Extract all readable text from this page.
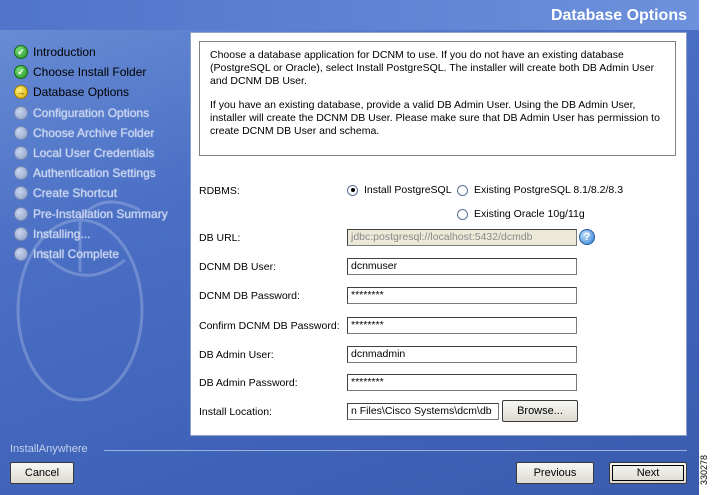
Database Options
✓ Introduction
✓ Choose Install Folder
→ Database Options
Configuration Options
Choose Archive Folder
Local User Credentials
Authentication Settings
Create Shortcut
Pre-Installation Summary
Installing...
Install Complete

Choose a database application for DCNM to use. If you do not have an existing database (PostgreSQL or Oracle), select Install PostgreSQL. The installer will create both DB Admin User and DCNM DB User.

If you have an existing database, provide a valid DB Admin User. Using the DB Admin User, installer will create the DCNM DB User. Please make sure that DB Admin User has permission to create DCNM DB User and schema.

RDBMS:	Install PostgreSQL Existing PostgreSQL 8.1/8.2/8.3
Existing Oracle 10g/11g
DB URL:	jdbc:postgresql://localhost:5432/dcmdb	?
DCNM DB User:	dcnmuser
DCNM DB Password:	********
Confirm DCNM DB Password:	********
DB Admin User:	dcnmadmin
DB Admin Password:	********
Install Location:	n Files\Cisco Systems\dcm\db	Browse...
InstallAnywhere
Cancel	Previous	Next	330278
